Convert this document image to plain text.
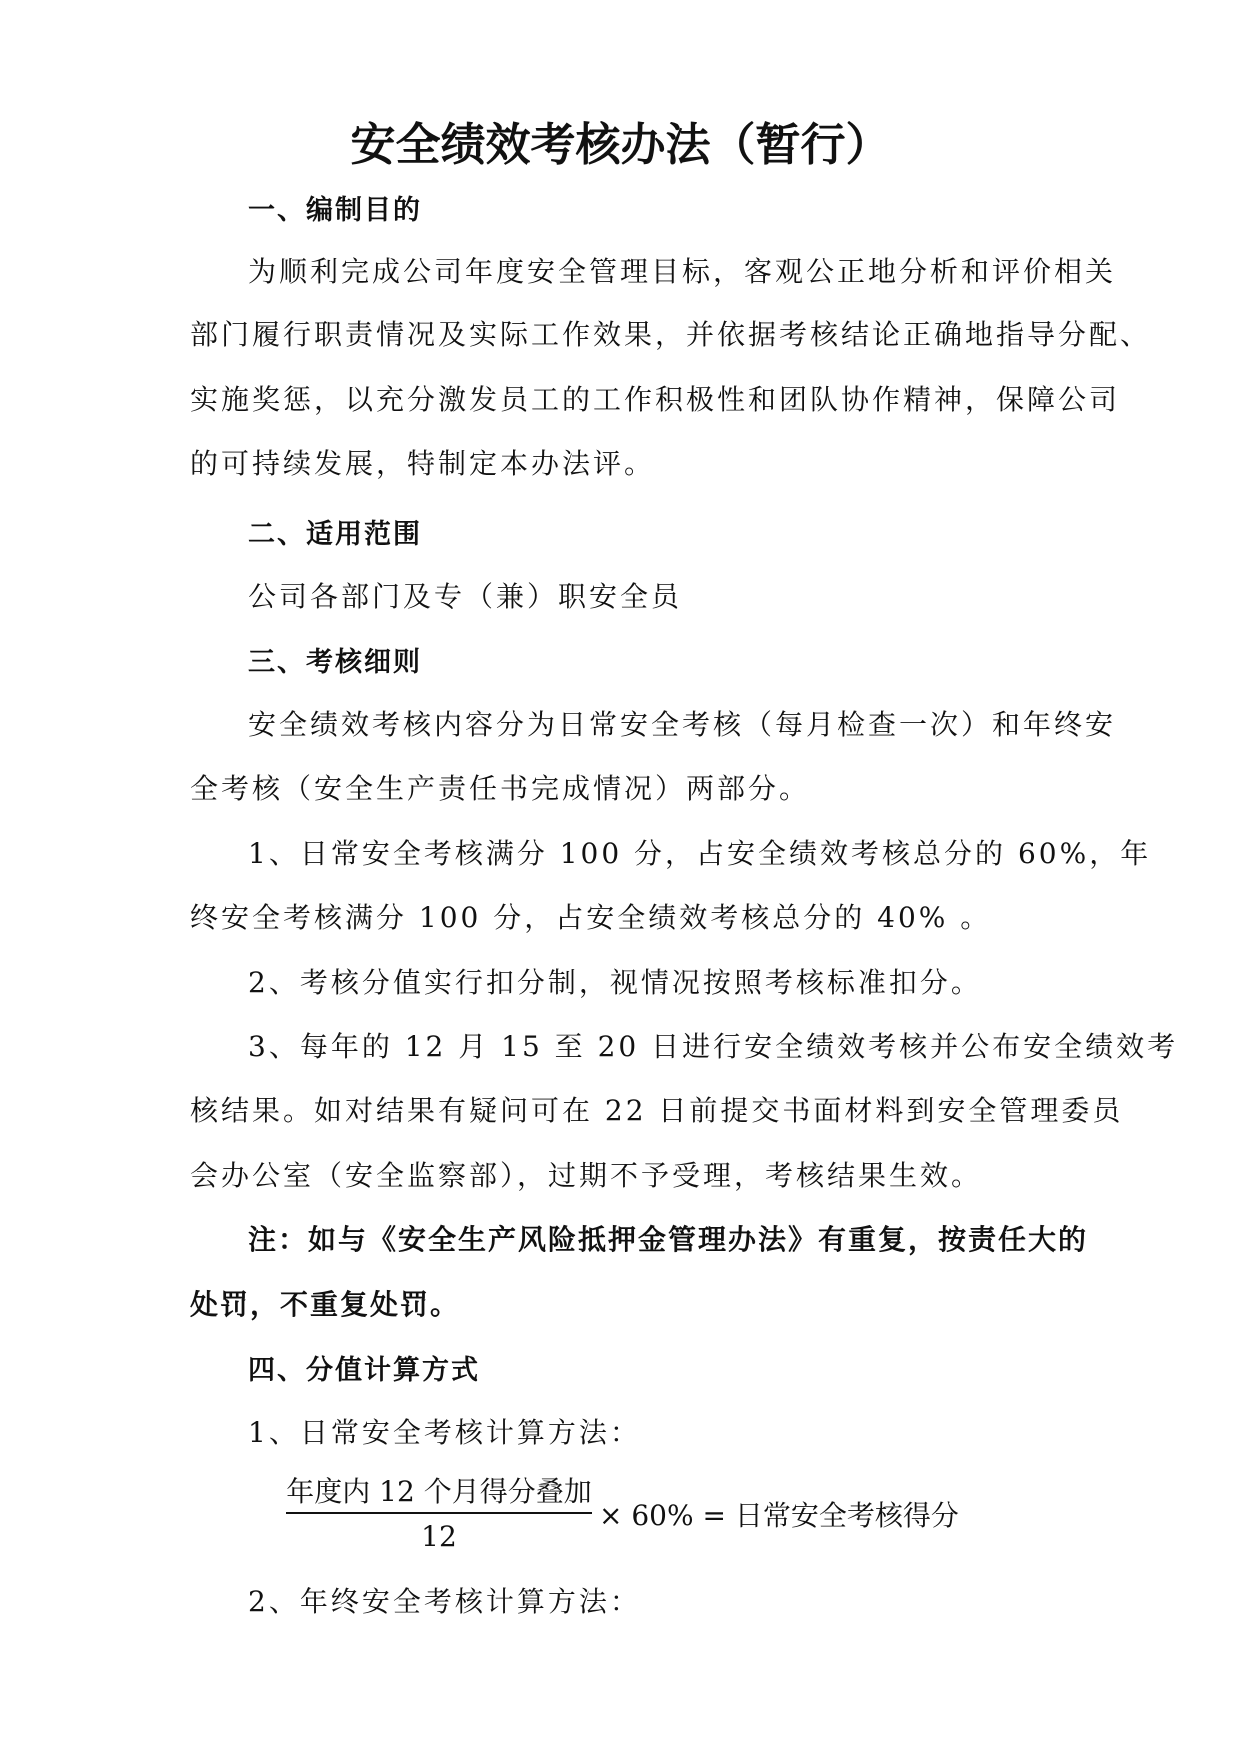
安全绩效考核办法（暂行）
一、编制目的
为顺利完成公司年度安全管理目标，客观公正地分析和评价相关
部门履行职责情况及实际工作效果，并依据考核结论正确地指导分配、
实施奖惩，以充分激发员工的工作积极性和团队协作精神，保障公司
的可持续发展，特制定本办法评。
二、适用范围
公司各部门及专（兼）职安全员
三、考核细则
安全绩效考核内容分为日常安全考核（每月检查一次）和年终安
全考核（安全生产责任书完成情况）两部分。
1、日常安全考核满分 100 分，占安全绩效考核总分的 60%，年
终安全考核满分 100 分，占安全绩效考核总分的 40% 。
2、考核分值实行扣分制，视情况按照考核标准扣分。
3、每年的 12 月 15 至 20 日进行安全绩效考核并公布安全绩效考
核结果。如对结果有疑问可在 22 日前提交书面材料到安全管理委员
会办公室（安全监察部），过期不予受理，考核结果生效。
注：如与《安全生产风险抵押金管理办法》有重复，按责任大的
处罚，不重复处罚。
四、分值计算方式
1、日常安全考核计算方法：
年度内 12 个月得分叠加
12
× 60% = 日常安全考核得分
2、年终安全考核计算方法：
